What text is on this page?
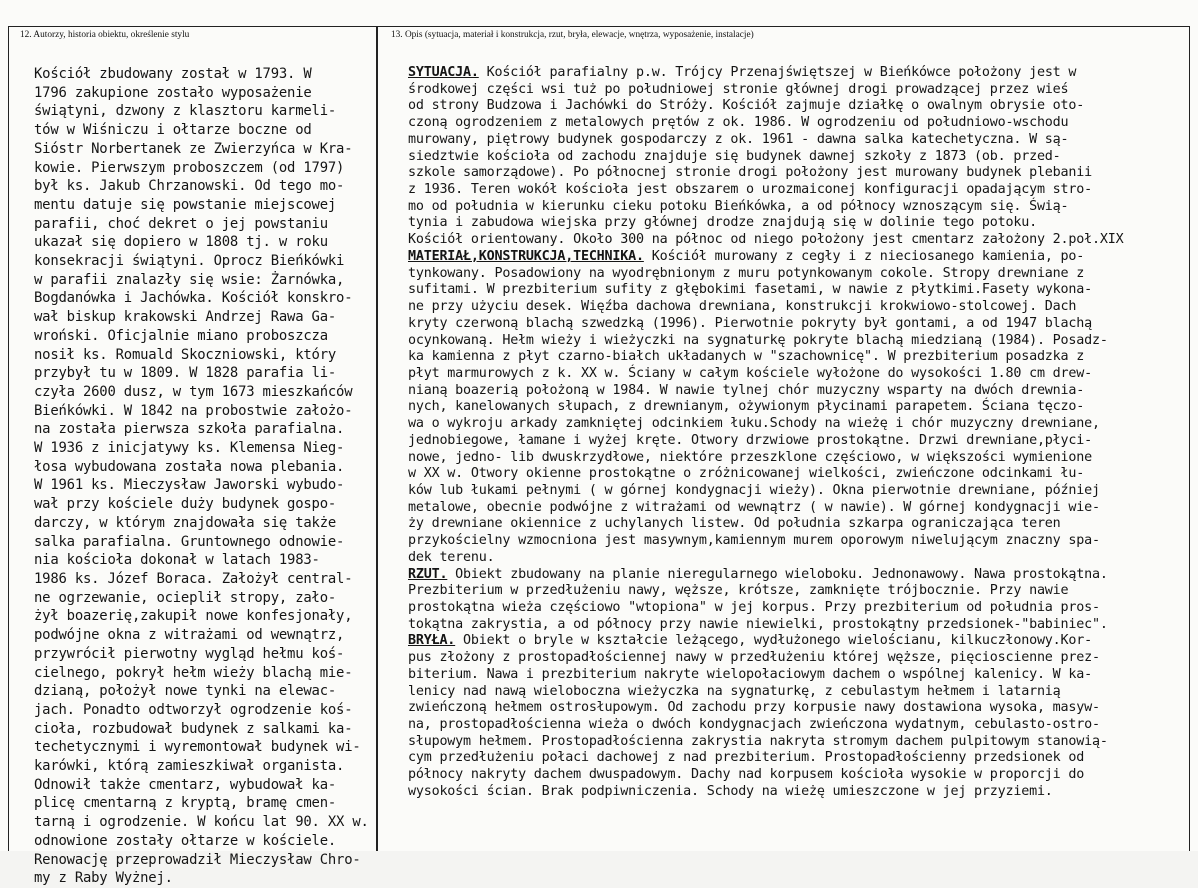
12. Autorzy, historia obiektu, określenie stylu	13. Opis (sytuacja, materiał i konstrukcja, rzut, bryła, elewacje, wnętrza, wyposażenie, instalacje)
Kościół zbudowany został w 1793. W
1796 zakupione zostało wyposażenie
świątyni, dzwony z klasztoru karmeli-
tów w Wiśniczu i ołtarze boczne od
Sióstr Norbertanek ze Zwierzyńca w Kra-
kowie. Pierwszym proboszczem (od 1797)
był ks. Jakub Chrzanowski. Od tego mo-
mentu datuje się powstanie miejscowej
parafii, choć dekret o jej powstaniu
ukazał się dopiero w 1808 tj. w roku
konsekracji świątyni. Oprocz Bieńkówki
w parafii znalazły się wsie: Żarnówka,
Bogdanówka i Jachówka. Kościół konskro-
wał biskup krakowski Andrzej Rawa Ga-
wroński. Oficjalnie miano proboszcza
nosił ks. Romuald Skoczniowski, który
przybył tu w 1809. W 1828 parafia li-
czyła 2600 dusz, w tym 1673 mieszkańców
Bieńkówki. W 1842 na probostwie założo-
na została pierwsza szkoła parafialna.
W 1936 z inicjatywy ks. Klemensa Nieg-
łosa wybudowana została nowa plebania.
W 1961 ks. Mieczysław Jaworski wybudo-
wał przy kościele duży budynek gospo-
darczy, w którym znajdowała się także
salka parafialna. Gruntownego odnowie-
nia kościoła dokonał w latach 1983-
1986 ks. Józef Boraca. Założył central-
ne ogrzewanie, ocieplił stropy, zało-
żył boazerię,zakupił nowe konfesjonały,
podwójne okna z witrażami od wewnątrz,
przywrócił pierwotny wygląd hełmu koś-
cielnego, pokrył hełm wieży blachą mie-
dzianą, położył nowe tynki na elewac-
jach. Ponadto odtworzył ogrodzenie koś-
cioła, rozbudował budynek z salkami ka-
techetycznymi i wyremontował budynek wi-
karówki, którą zamieszkiwał organista.
Odnowił także cmentarz, wybudował ka-
plicę cmentarną z kryptą, bramę cmen-
tarną i ogrodzenie. W końcu lat 90. XX w.
odnowione zostały ołtarze w kościele.
Renowację przeprowadził Mieczysław Chro-
my z Raby Wyżnej.
SYTUACJA. Kościół parafialny p.w. Trójcy Przenajświętszej w Bieńkówce położony jest w
środkowej części wsi tuż po południowej stronie głównej drogi prowadzącej przez wieś
od strony Budzowa i Jachówki do Stróży. Kościół zajmuje działkę o owalnym obrysie oto-
czoną ogrodzeniem z metalowych prętów z ok. 1986. W ogrodzeniu od południowo-wschodu
murowany, piętrowy budynek gospodarczy z ok. 1961 - dawna salka katechetyczna. W są-
siedztwie kościoła od zachodu znajduje się budynek dawnej szkoły z 1873 (ob. przed-
szkole samorządowe). Po północnej stronie drogi położony jest murowany budynek plebanii
z 1936. Teren wokół kościoła jest obszarem o urozmaiconej konfiguracji opadającym stro-
mo od południa w kierunku cieku potoku Bieńkówka, a od północy wznoszącym się. Świą-
tynia i zabudowa wiejska przy głównej drodze znajdują się w dolinie tego potoku.
Kościół orientowany. Około 300 na północ od niego położony jest cmentarz założony 2.poł.XIX
MATERIAŁ,KONSTRUKCJA,TECHNIKA. Kościół murowany z cegły i z nieciosanego kamienia, po-
tynkowany. Posadowiony na wyodrębnionym z muru potynkowanym cokole. Stropy drewniane z
sufitami. W prezbiterium sufity z głębokimi fasetami, w nawie z płytkimi.Fasety wykona-
ne przy użyciu desek. Więźba dachowa drewniana, konstrukcji krokwiowo-stolcowej. Dach
kryty czerwoną blachą szwedzką (1996). Pierwotnie pokryty był gontami, a od 1947 blachą
ocynkowaną. Hełm wieży i wieżyczki na sygnaturkę pokryte blachą miedzianą (1984). Posadz-
ka kamienna z płyt czarno-białch układanych w "szachownicę". W prezbiterium posadzka z
płyt marmurowych z k. XX w. Ściany w całym kościele wyłożone do wysokości 1.80 cm drew-
nianą boazerią położoną w 1984. W nawie tylnej chór muzyczny wsparty na dwóch drewnia-
nych, kanelowanych słupach, z drewnianym, ożywionym płycinami parapetem. Ściana tęczo-
wa o wykroju arkady zamkniętej odcinkiem łuku.Schody na wieżę i chór muzyczny drewniane,
jednobiegowe, łamane i wyżej kręte. Otwory drzwiowe prostokątne. Drzwi drewniane,płyci-
nowe, jedno- lib dwuskrzydłowe, niektóre przeszklone częściowo, w większości wymienione
w XX w. Otwory okienne prostokątne o zróżnicowanej wielkości, zwieńczone odcinkami łu-
ków lub łukami pełnymi ( w górnej kondygnacji wieży). Okna pierwotnie drewniane, później
metalowe, obecnie podwójne z witrażami od wewnątrz ( w nawie). W górnej kondygnacji wie-
ży drewniane okiennice z uchylanych listew. Od południa szkarpa ograniczająca teren
przykościelny wzmocniona jest masywnym,kamiennym murem oporowym niwelującym znaczny spa-
dek terenu.
RZUT. Obiekt zbudowany na planie nieregularnego wieloboku. Jednonawowy. Nawa prostokątna.
Prezbiterium w przedłużeniu nawy, węższe, krótsze, zamknięte trójbocznie. Przy nawie
prostokątna wieża częściowo "wtopiona" w jej korpus. Przy prezbiterium od południa pros-
tokątna zakrystia, a od północy przy nawie niewielki, prostokątny przedsionek-"babiniec".
BRYŁA. Obiekt o bryle w kształcie leżącego, wydłużonego wielościanu, kilkuczłonowy.Kor-
pus złożony z prostopadłościennej nawy w przedłużeniu której węższe, pięcioscienne prez-
biterium. Nawa i prezbiterium nakryte wielopołaciowym dachem o wspólnej kalenicy. W ka-
lenicy nad nawą wieloboczna wieżyczka na sygnaturkę, z cebulastym hełmem i latarnią
zwieńczoną hełmem ostrosłupowym. Od zachodu przy korpusie nawy dostawiona wysoka, masyw-
na, prostopadłościenna wieża o dwóch kondygnacjach zwieńczona wydatnym, cebulasto-ostro-
słupowym hełmem. Prostopadłościenna zakrystia nakryta stromym dachem pulpitowym stanowią-
cym przedłużeniu połaci dachowej z nad prezbiterium. Prostopadłościenny przedsionek od
północy nakryty dachem dwuspadowym. Dachy nad korpusem kościoła wysokie w proporcji do
wysokości ścian. Brak podpiwniczenia. Schody na wieżę umieszczone w jej przyziemi.
